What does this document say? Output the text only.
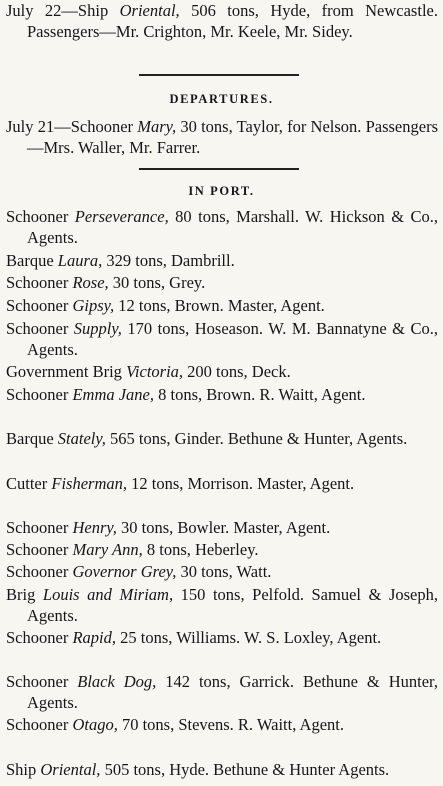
July 22—Ship Oriental, 506 tons, Hyde, from Newcastle. Passengers—Mr. Crighton, Mr. Keele, Mr. Sidey.

DEPARTURES.

July 21—Schooner Mary, 30 tons, Taylor, for Nelson. Passengers—Mrs. Waller, Mr. Farrer.

IN PORT.

Schooner Perseverance, 80 tons, Marshall. W. Hickson & Co., Agents.

Barque Laura, 329 tons, Dambrill.

Schooner Rose, 30 tons, Grey.

Schooner Gipsy, 12 tons, Brown. Master, Agent.

Schooner Supply, 170 tons, Hoseason. W. M. Bannatyne & Co., Agents.

Government Brig Victoria, 200 tons, Deck.

Schooner Emma Jane, 8 tons, Brown. R. Waitt, Agent.

Barque Stately, 565 tons, Ginder. Bethune & Hunter, Agents.

Cutter Fisherman, 12 tons, Morrison. Master, Agent.

Schooner Henry, 30 tons, Bowler. Master, Agent.

Schooner Mary Ann, 8 tons, Heberley.

Schooner Governor Grey, 30 tons, Watt.

Brig Louis and Miriam, 150 tons, Pelfold. Samuel & Joseph, Agents.

Schooner Rapid, 25 tons, Williams. W. S. Loxley, Agent.

Schooner Black Dog, 142 tons, Garrick. Bethune & Hunter, Agents.

Schooner Otago, 70 tons, Stevens. R. Waitt, Agent.

Ship Oriental, 505 tons, Hyde. Bethune & Hunter Agents.
